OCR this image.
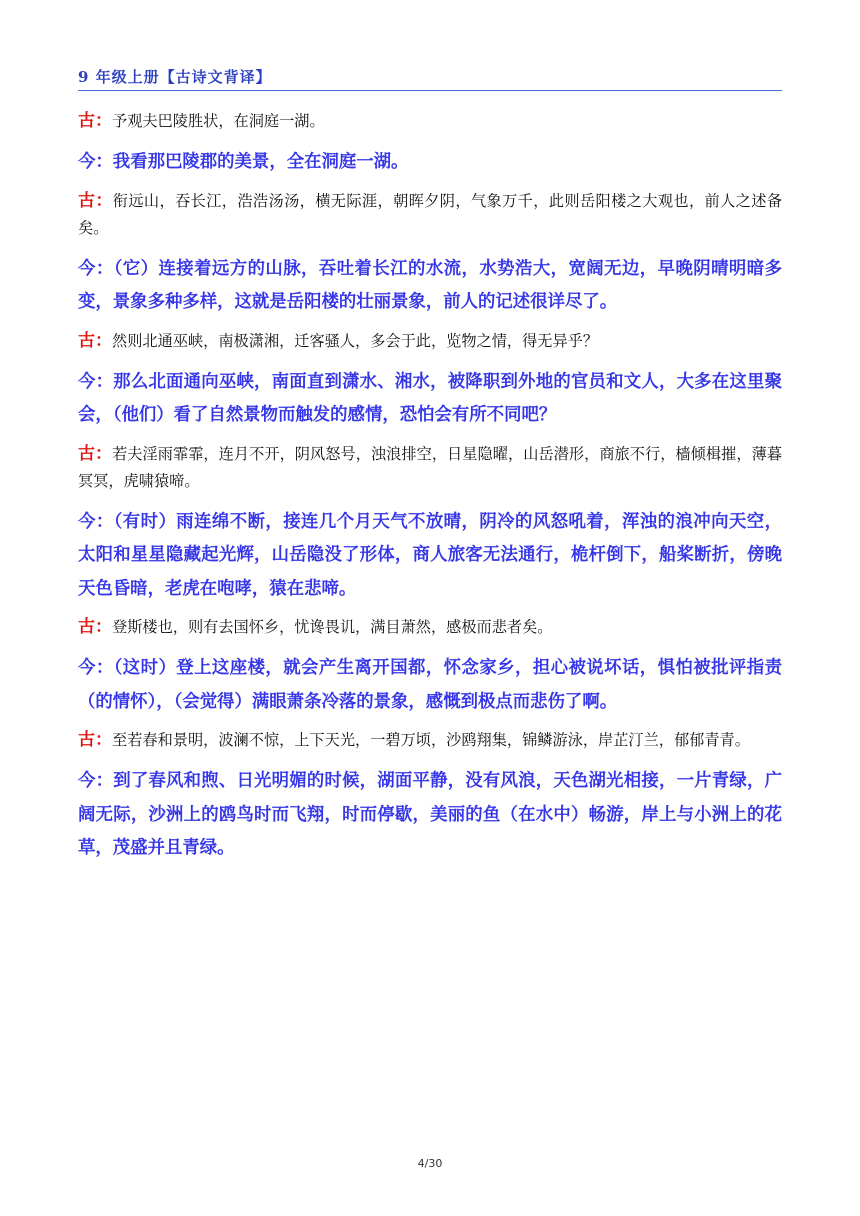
9 年级上册【古诗文背译】

古：予观夫巴陵胜状，在洞庭一湖。

今：我看那巴陵郡的美景，全在洞庭一湖。

古：衔远山，吞长江，浩浩汤汤，横无际涯，朝晖夕阴，气象万千，此则岳阳楼之大观也，前人之述备矣。

今：（它）连接着远方的山脉，吞吐着长江的水流，水势浩大，宽阔无边，早晚阴晴明暗多变，景象多种多样，这就是岳阳楼的壮丽景象，前人的记述很详尽了。

古：然则北通巫峡，南极潇湘，迁客骚人，多会于此，览物之情，得无异乎？

今：那么北面通向巫峡，南面直到潇水、湘水，被降职到外地的官员和文人，大多在这里聚会，（他们）看了自然景物而触发的感情，恐怕会有所不同吧？

古：若夫淫雨霏霏，连月不开，阴风怒号，浊浪排空，日星隐曜，山岳潜形，商旅不行，樯倾楫摧，薄暮冥冥，虎啸猿啼。

今：（有时）雨连绵不断，接连几个月天气不放晴，阴冷的风怒吼着，浑浊的浪冲向天空，太阳和星星隐藏起光辉，山岳隐没了形体，商人旅客无法通行，桅杆倒下，船桨断折，傍晚天色昏暗，老虎在咆哮，猿在悲啼。

古：登斯楼也，则有去国怀乡，忧谗畏讥，满目萧然，感极而悲者矣。

今：（这时）登上这座楼，就会产生离开国都，怀念家乡，担心被说坏话，惧怕被批评指责（的情怀），（会觉得）满眼萧条冷落的景象，感慨到极点而悲伤了啊。

古：至若春和景明，波澜不惊，上下天光，一碧万顷，沙鸥翔集，锦鳞游泳，岸芷汀兰，郁郁青青。

今：到了春风和煦、日光明媚的时候，湖面平静，没有风浪，天色湖光相接，一片青绿，广阔无际，沙洲上的鸥鸟时而飞翔，时而停歇，美丽的鱼（在水中）畅游，岸上与小洲上的花草，茂盛并且青绿。

4/30
